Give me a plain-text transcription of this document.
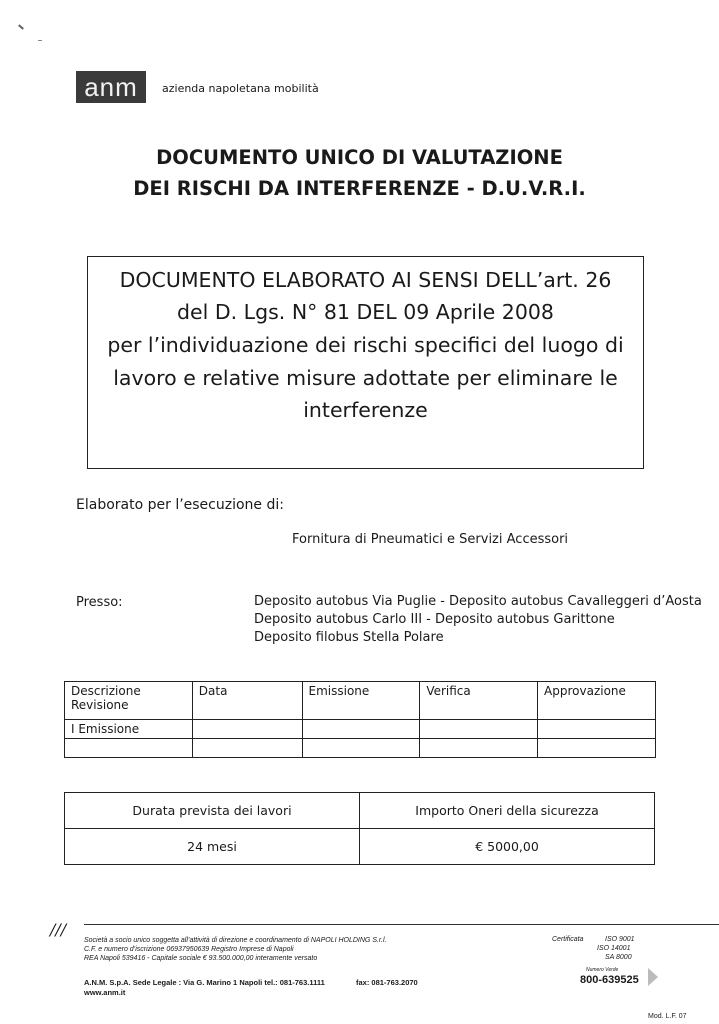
anm	azienda napoletana mobilità
DOCUMENTO UNICO DI VALUTAZIONE
DEI RISCHI DA INTERFERENZE - D.U.V.R.I.
DOCUMENTO ELABORATO AI SENSI DELL’art. 26
del D. Lgs. N° 81 DEL 09 Aprile 2008
per l’individuazione dei rischi specifici del luogo di
lavoro e relative misure adottate per eliminare le
interferenze
Elaborato per l’esecuzione di:
Fornitura di Pneumatici e Servizi Accessori
Presso:	Deposito autobus Via Puglie - Deposito autobus Cavalleggeri d’Aosta
Deposito autobus Carlo III - Deposito autobus Garittone
Deposito filobus Stella Polare
Descrizione Revisione	Data	Emissione	Verifica	Approvazione
I Emissione				

Durata prevista dei lavori	Importo Oneri della sicurezza
24 mesi	€ 5000,00
///
Società a socio unico soggetta all’attività di direzione e coordinamento di NAPOLI HOLDING S.r.l.
C.F. e numero d’iscrizione 06937950639 Registro Imprese di Napoli
REA Napoli 539416 - Capitale sociale € 93.500.000,00 interamente versato
A.N.M. S.p.A. Sede Legale : Via G. Marino 1 Napoli tel.: 081-763.1111	fax: 081-763.2070
www.anm.it
Certificata	ISO 9001
ISO 14001
SA 8000
Numero Verde
800-639525
Mod. L.F. 07
